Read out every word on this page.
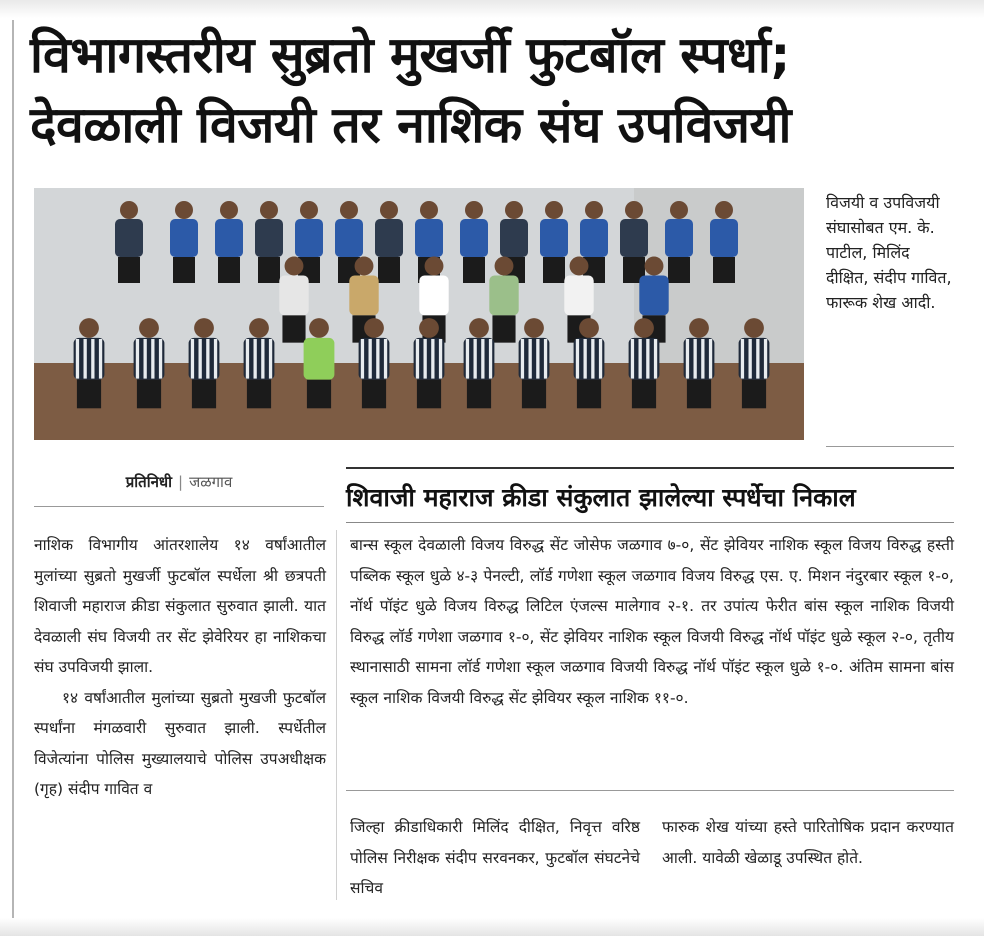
विभागस्तरीय सुब्रतो मुखर्जी फुटबॉल स्पर्धा;
देवळाली विजयी तर नाशिक संघ उपविजयी
विजयी व उपविजयी संघासोबत एम. के. पाटील, मिलिंद दीक्षित, संदीप गावित, फारूक शेख आदी.
प्रतिनिधी | जळगाव
शिवाजी महाराज क्रीडा संकुलात झालेल्या स्पर्धेचा निकाल

नाशिक विभागीय आंतरशालेय १४ वर्षांआतील मुलांच्या सुब्रतो मुखर्जी फुटबॉल स्पर्धेला श्री छत्रपती शिवाजी महाराज क्रीडा संकुलात सुरुवात झाली. यात देवळाली संघ विजयी तर सेंट झेवेरियर हा नाशिकचा संघ उपविजयी झाला.

१४ वर्षांआतील मुलांच्या सुब्रतो मुखजी फुटबॉल स्पर्धांना मंगळवारी सुरुवात झाली. स्पर्धेतील विजेत्यांना पोलिस मुख्यालयाचे पोलिस उपअधीक्षक (गृह) संदीप गावित व

बान्स स्कूल देवळाली विजय विरुद्ध सेंट जोसेफ जळगाव ७-०, सेंट झेवियर नाशिक स्कूल विजय विरुद्ध हस्ती पब्लिक स्कूल धुळे ४-३ पेनल्टी, लॉर्ड गणेशा स्कूल जळगाव विजय विरुद्ध एस. ए. मिशन नंदुरबार स्कूल १-०, नॉर्थ पॉइंट धुळे विजय विरुद्ध लिटिल एंजल्स मालेगाव २-१. तर उपांत्य फेरीत बांस स्कूल नाशिक विजयी विरुद्ध लॉर्ड गणेशा जळगाव १-०, सेंट झेवियर नाशिक स्कूल विजयी विरुद्ध नॉर्थ पॉइंट धुळे स्कूल २-०, तृतीय स्थानासाठी सामना लॉर्ड गणेशा स्कूल जळगाव विजयी विरुद्ध नॉर्थ पॉइंट स्कूल धुळे १-०. अंतिम सामना बांस स्कूल नाशिक विजयी विरुद्ध सेंट झेवियर स्कूल नाशिक ११-०.

जिल्हा क्रीडाधिकारी मिलिंद दीक्षित, निवृत्त वरिष्ठ पोलिस निरीक्षक संदीप सरवनकर, फुटबॉल संघटनेचे सचिव

फारुक शेख यांच्या हस्ते पारितोषिक प्रदान करण्यात आली. यावेळी खेळाडू उपस्थित होते.
